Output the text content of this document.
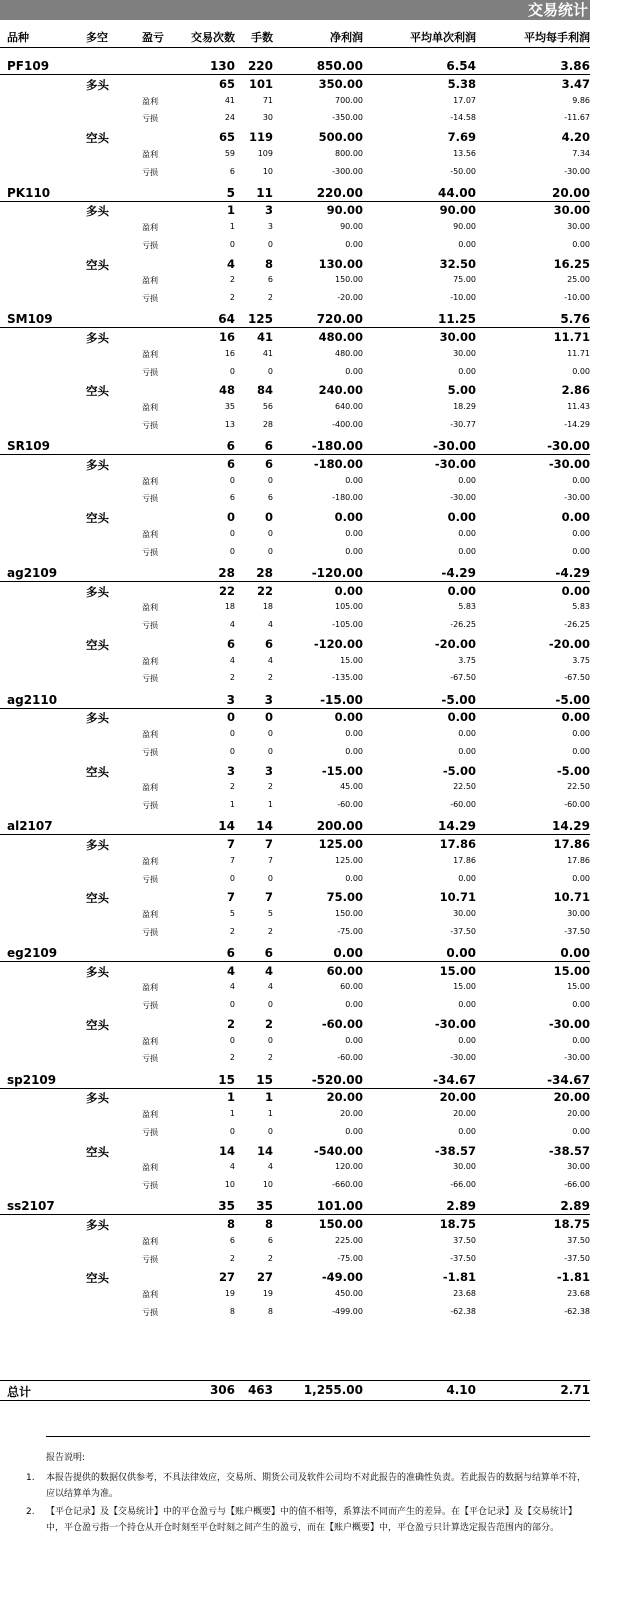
交易统计
品种	多空	盈亏 交易次数 手数	净利润	平均单次利润	平均每手利润
PF109	130 220	850.00	6.54	3.86
多头	65 101	350.00	5.38	3.47
盈利	41	71	700.00	17.07	9.86
亏损	24	30	-350.00	-14.58	-11.67
空头	65 119	500.00	7.69	4.20
盈利	59	109	800.00	13.56	7.34
亏损	6	10	-300.00	-50.00	-30.00
PK110	5 11	220.00	44.00	20.00
多头	1	3	90.00	90.00	30.00
盈利	1	3	90.00	90.00	30.00
亏损	0	0	0.00	0.00	0.00
空头	4	8	130.00	32.50	16.25
盈利	2	6	150.00	75.00	25.00
亏损	2	2	-20.00	-10.00	-10.00
SM109	64 125	720.00	11.25	5.76
多头	16 41	480.00	30.00	11.71
盈利	16	41	480.00	30.00	11.71
亏损	0	0	0.00	0.00	0.00
空头	48 84	240.00	5.00	2.86
盈利	35	56	640.00	18.29	11.43
亏损	13	28	-400.00	-30.77	-14.29
SR109	6 6	-180.00	-30.00	-30.00
多头	6	6	-180.00	-30.00	-30.00
盈利	0	0	0.00	0.00	0.00
亏损	6	6	-180.00	-30.00	-30.00
空头	0	0	0.00	0.00	0.00
盈利	0	0	0.00	0.00	0.00
亏损	0	0	0.00	0.00	0.00
ag2109	28 28	-120.00	-4.29	-4.29
多头	22 22	0.00	0.00	0.00
盈利	18	18	105.00	5.83	5.83
亏损	4	4	-105.00	-26.25	-26.25
空头	6	6	-120.00	-20.00	-20.00
盈利	4	4	15.00	3.75	3.75
亏损	2	2	-135.00	-67.50	-67.50
ag2110	3 3	-15.00	-5.00	-5.00
多头	0	0	0.00	0.00	0.00
盈利	0	0	0.00	0.00	0.00
亏损	0	0	0.00	0.00	0.00
空头	3	3	-15.00	-5.00	-5.00
盈利	2	2	45.00	22.50	22.50
亏损	1	1	-60.00	-60.00	-60.00
al2107	14 14	200.00	14.29	14.29
多头	7	7	125.00	17.86	17.86
盈利	7	7	125.00	17.86	17.86
亏损	0	0	0.00	0.00	0.00
空头	7	7	75.00	10.71	10.71
盈利	5	5	150.00	30.00	30.00
亏损	2	2	-75.00	-37.50	-37.50
eg2109	6 6	0.00	0.00	0.00
多头	4	4	60.00	15.00	15.00
盈利	4	4	60.00	15.00	15.00
亏损	0	0	0.00	0.00	0.00
空头	2	2	-60.00	-30.00	-30.00
盈利	0	0	0.00	0.00	0.00
亏损	2	2	-60.00	-30.00	-30.00
sp2109	15 15	-520.00	-34.67	-34.67
多头	1	1	20.00	20.00	20.00
盈利	1	1	20.00	20.00	20.00
亏损	0	0	0.00	0.00	0.00
空头	14 14	-540.00	-38.57	-38.57
盈利	4	4	120.00	30.00	30.00
亏损	10	10	-660.00	-66.00	-66.00
ss2107	35 35	101.00	2.89	2.89
多头	8	8	150.00	18.75	18.75
盈利	6	6	225.00	37.50	37.50
亏损	2	2	-75.00	-37.50	-37.50
空头	27 27	-49.00	-1.81	-1.81
盈利	19	19	450.00	23.68	23.68
亏损	8	8	-499.00	-62.38	-62.38
总计	306 463	1,255.00	4.10	2.71
报告说明:
1. 本报告提供的数据仅供参考，不具法律效应，交易所、期货公司及软件公司均不对此报告的准确性负责。若此报告的数据与结算单不符，应以结算单为准。
2. 【平仓记录】及【交易统计】中的平仓盈亏与【账户概要】中的值不相等，系算法不同而产生的差异。在【平仓记录】及【交易统计】中，平仓盈亏指一个持仓从开仓时刻至平仓时刻之间产生的盈亏，而在【账户概要】中，平仓盈亏只计算选定报告范围内的部分。
